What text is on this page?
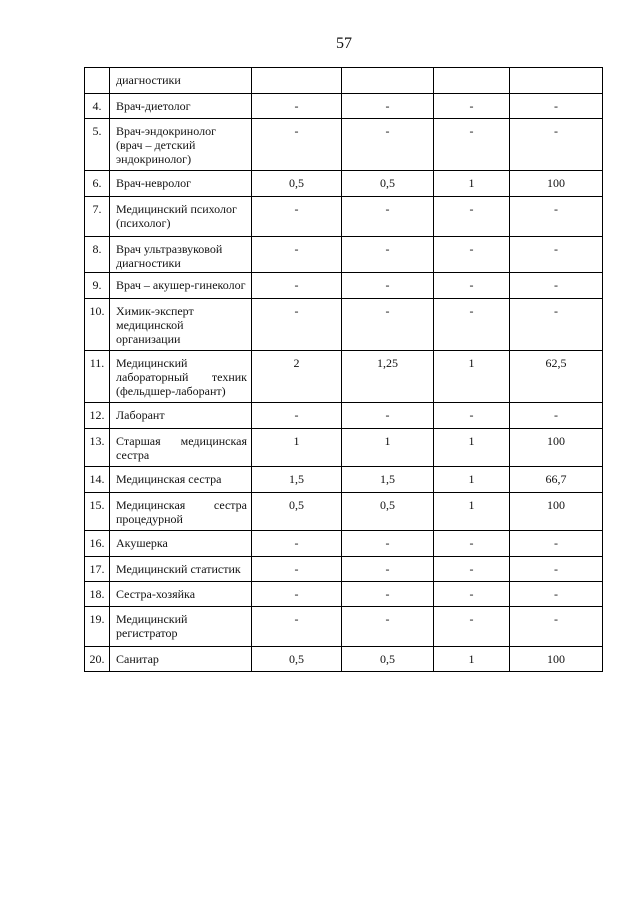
57

	диагностики				

4.	Врач-диетолог	-	-	-	-
5.	Врач-эндокринолог
(врач – детский
эндокринолог)	-	-	-	-
6.	Врач-невролог	0,5	0,5	1	100
7.	Медицинский психолог
(психолог)	-	-	-	-
8.	Врач ультразвуковой
диагностики	-	-	-	-
9.	Врач – акушер-гинеколог	-	-	-	-
10.	Химик-эксперт
медицинской
организации	-	-	-	-
11.	Медицинский
лабораторный техник
(фельдшер-лаборант)	2	1,25	1	62,5
12.	Лаборант	-	-	-	-
13.	Старшая медицинская
сестра	1	1	1	100
14.	Медицинская сестра	1,5	1,5	1	66,7
15.	Медицинская сестра
процедурной	0,5	0,5	1	100
16.	Акушерка	-	-	-	-
17.	Медицинский статистик	-	-	-	-
18.	Сестра-хозяйка	-	-	-	-
19.	Медицинский
регистратор	-	-	-	-
20.	Санитар	0,5	0,5	1	100
